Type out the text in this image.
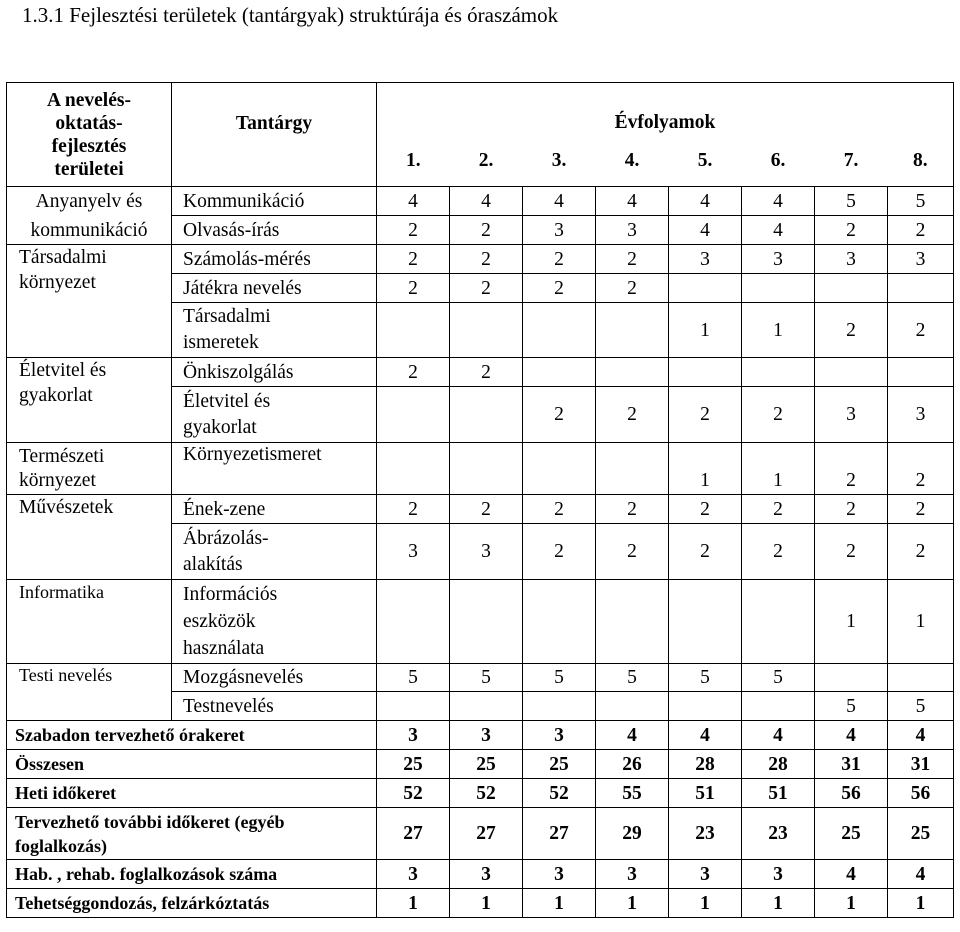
1.3.1 Fejlesztési területek (tantárgyak) struktúrája és óraszámok
A nevelés-
oktatás-
fejlesztés
területei	Tantárgy	Évfolyamok							
		1.	2.	3.	4.	5.	6.	7.	8.

Anyanyelv és
kommunikáció	Kommunikáció	4	4	4	4	4	4	5	5
	Olvasás-írás	2	2	3	3	4	4	2	2

Társadalmi
környezet	Számolás-mérés	2	2	2	2	3	3	3	3
	Játékra nevelés	2	2	2	2				

	Társadalmi
ismeretek					1	1	2	2

Életvitel és
gyakorlat	Önkiszolgálás	2	2						

	Életvitel és
gyakorlat			2	2	2	2	3	3

Természeti
környezet	Környezetismeret					1	1	2	2
Művészetek	Ének-zene	2	2	2	2	2	2	2	2

	Ábrázolás-
alakítás	3	3	2	2	2	2	2	2
Informatika	Információs
eszközök
használata							1	1
Testi nevelés	Mozgásnevelés	5	5	5	5	5	5		
	Testnevelés							5	5
Szabadon tervezhető órakeret		3	3	3	4	4	4	4	4
Összesen		25	25	25	26	28	28	31	31
Heti időkeret		52	52	52	55	51	51	56	56

Tervezhető további időkeret (egyéb
foglalkozás)		27	27	27	29	23	23	25	25
Hab. , rehab. foglalkozások száma		3	3	3	3	3	3	4	4
Tehetséggondozás, felzárkóztatás		1	1	1	1	1	1	1	1
